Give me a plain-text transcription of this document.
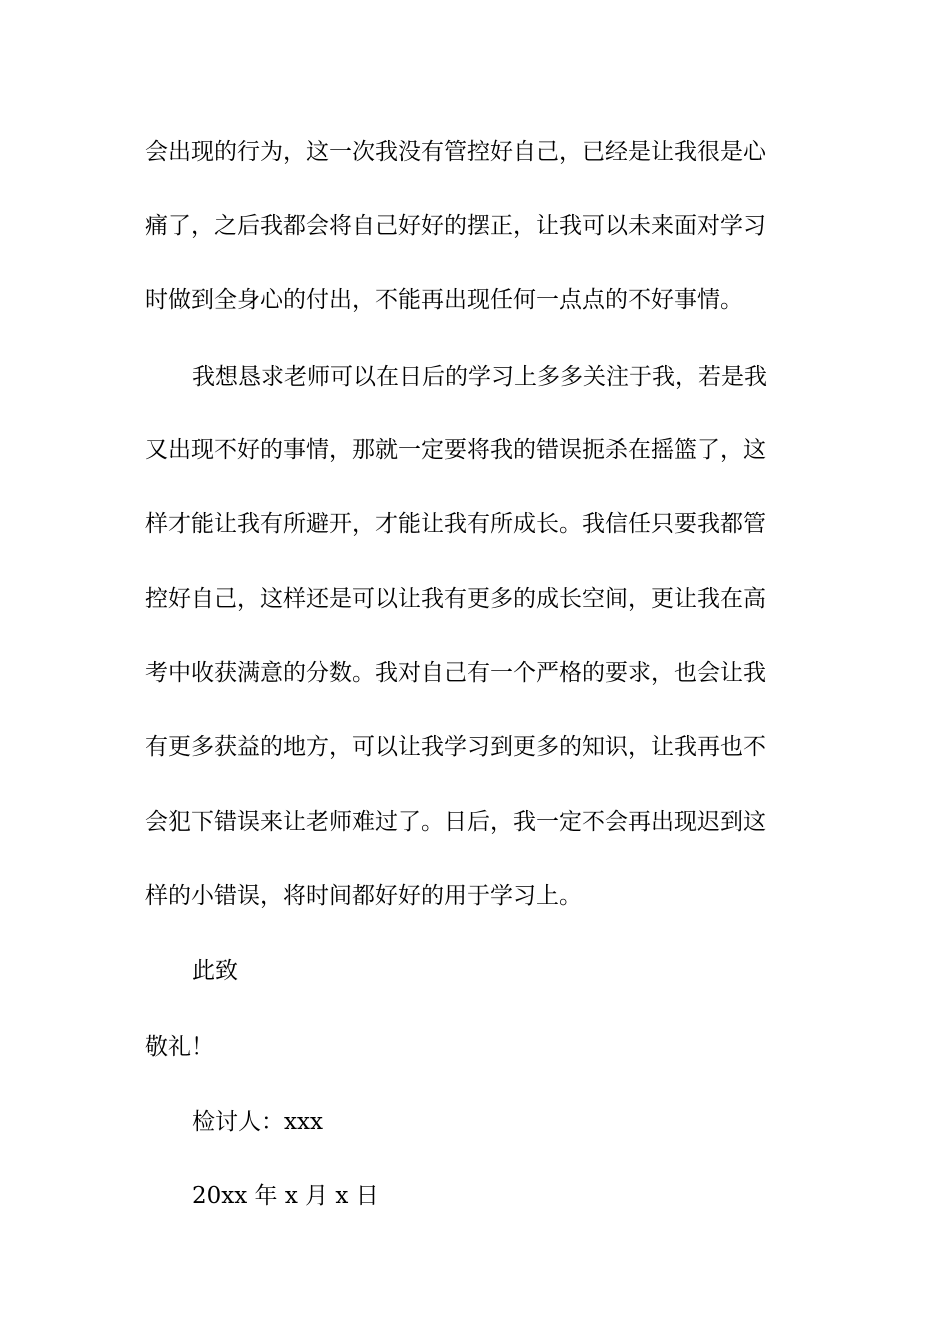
会出现的行为，这一次我没有管控好自己，已经是让我很是心
痛了，之后我都会将自己好好的摆正，让我可以未来面对学习
时做到全身心的付出，不能再出现任何一点点的不好事情。
我想恳求老师可以在日后的学习上多多关注于我，若是我
又出现不好的事情，那就一定要将我的错误扼杀在摇篮了，这
样才能让我有所避开，才能让我有所成长。我信任只要我都管
控好自己，这样还是可以让我有更多的成长空间，更让我在高
考中收获满意的分数。我对自己有一个严格的要求，也会让我
有更多获益的地方，可以让我学习到更多的知识，让我再也不
会犯下错误来让老师难过了。日后，我一定不会再出现迟到这
样的小错误，将时间都好好的用于学习上。
此致
敬礼！
检讨人：xxx
20xx 年 x 月 x 日
